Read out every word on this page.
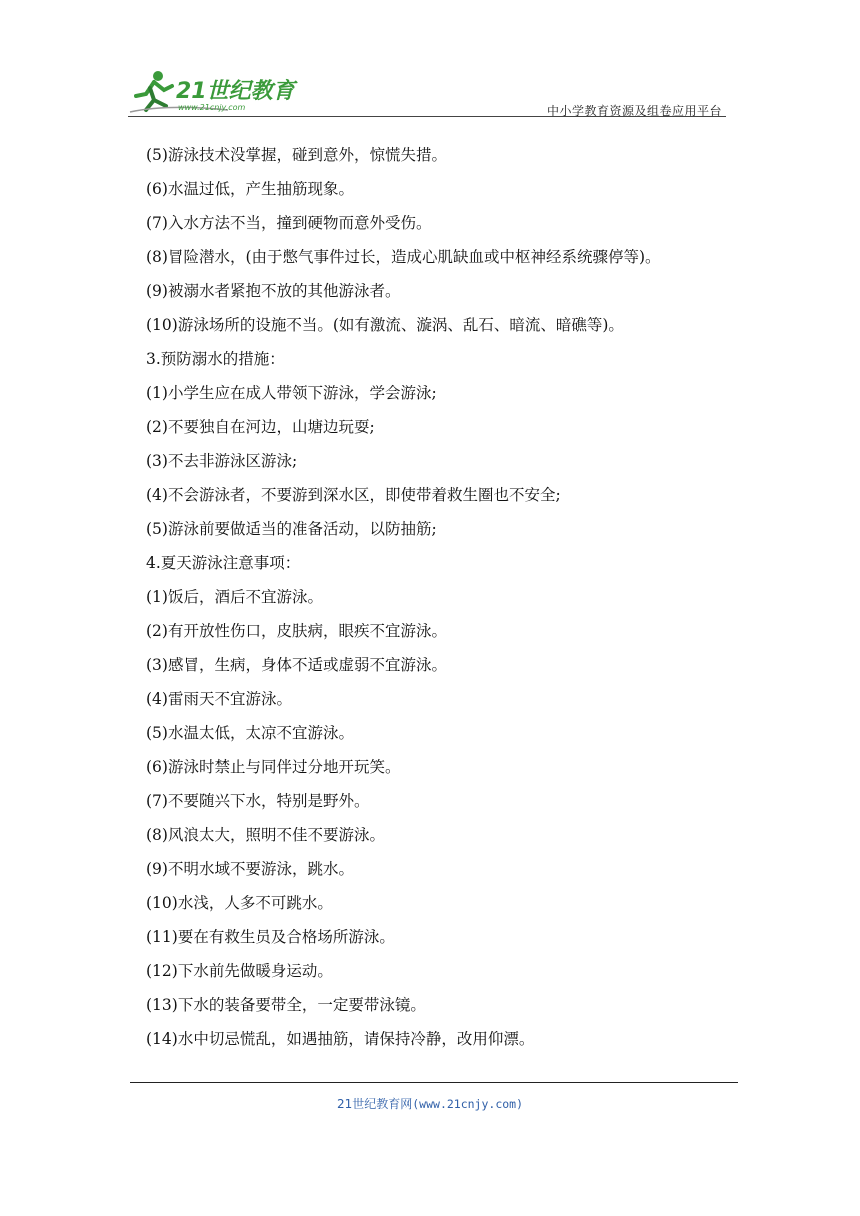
21世纪教育
www.21cnjy.com	中小学教育资源及组卷应用平台
(5)游泳技术没掌握，碰到意外，惊慌失措。
(6)水温过低，产生抽筋现象。
(7)入水方法不当，撞到硬物而意外受伤。
(8)冒险潜水，(由于憋气事件过长，造成心肌缺血或中枢神经系统骤停等)。
(9)被溺水者紧抱不放的其他游泳者。
(10)游泳场所的设施不当。(如有激流、漩涡、乱石、暗流、暗礁等)。
3.预防溺水的措施：
(1)小学生应在成人带领下游泳，学会游泳;
(2)不要独自在河边，山塘边玩耍;
(3)不去非游泳区游泳;
(4)不会游泳者，不要游到深水区，即使带着救生圈也不安全;
(5)游泳前要做适当的准备活动，以防抽筋;
4.夏天游泳注意事项：
(1)饭后，酒后不宜游泳。
(2)有开放性伤口，皮肤病，眼疾不宜游泳。
(3)感冒，生病，身体不适或虚弱不宜游泳。
(4)雷雨天不宜游泳。
(5)水温太低，太凉不宜游泳。
(6)游泳时禁止与同伴过分地开玩笑。
(7)不要随兴下水，特别是野外。
(8)风浪太大，照明不佳不要游泳。
(9)不明水域不要游泳，跳水。
(10)水浅，人多不可跳水。
(11)要在有救生员及合格场所游泳。
(12)下水前先做暖身运动。
(13)下水的装备要带全，一定要带泳镜。
(14)水中切忌慌乱，如遇抽筋，请保持冷静，改用仰漂。
21世纪教育网(www.21cnjy.com)
